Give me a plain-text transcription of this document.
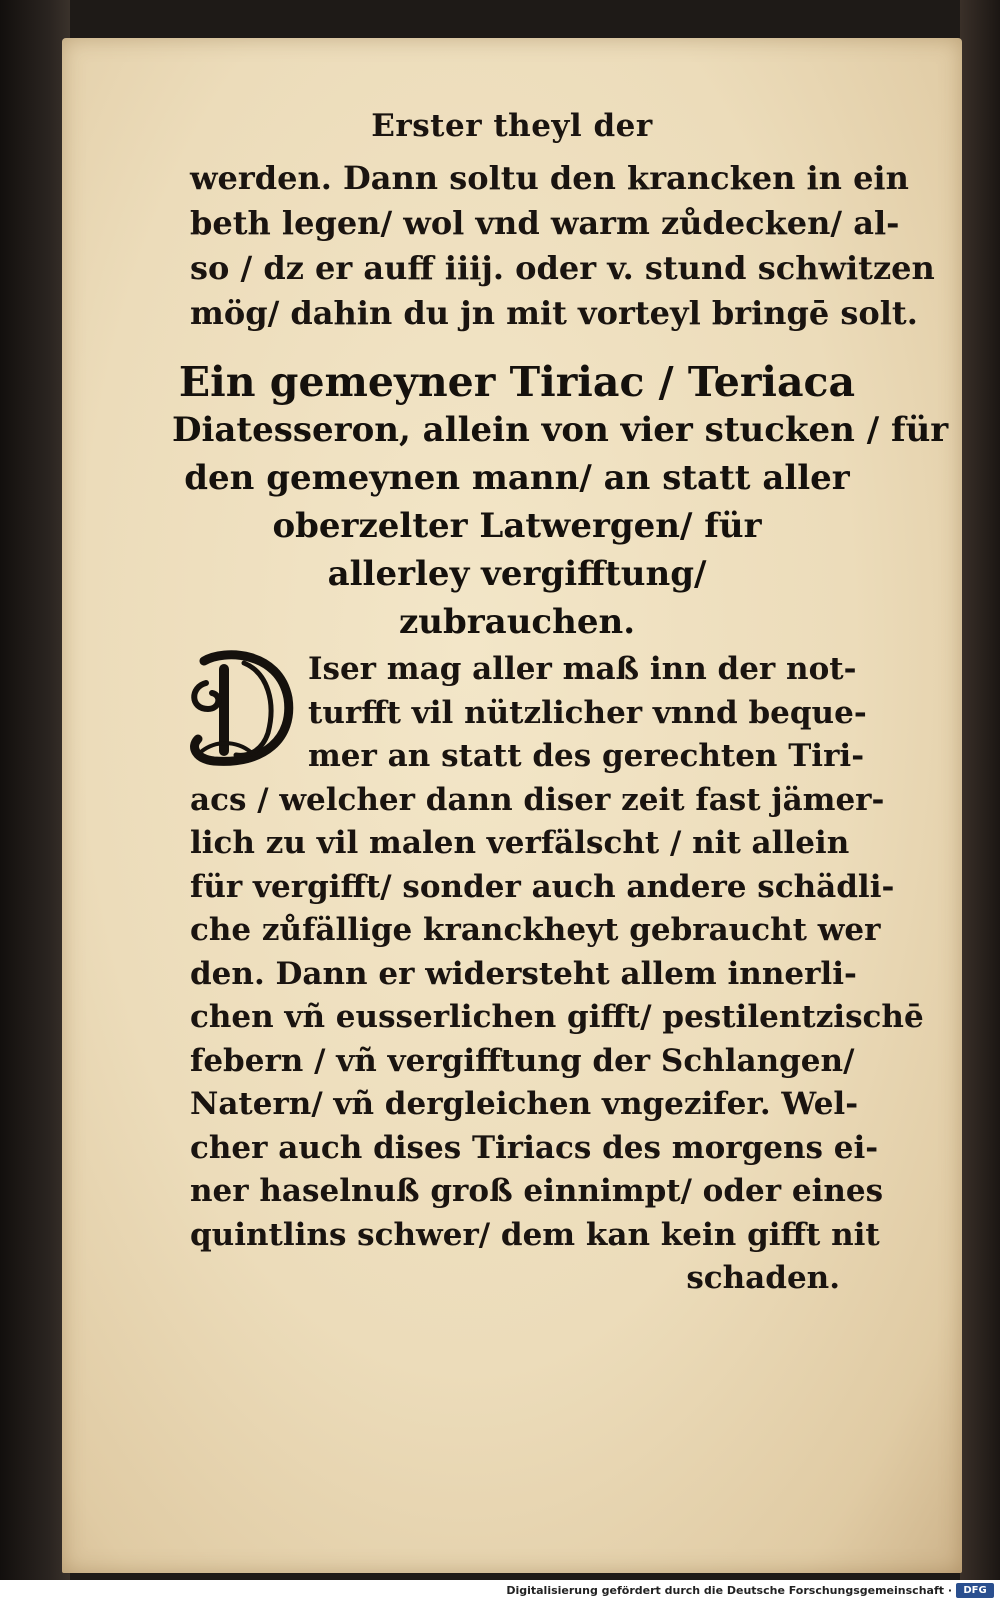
Erster theyl der
werden. Dann soltu den krancken in ein
beth legen/ wol vnd warm zůdecken/ al-
so / dz er auff iiij. oder v. stund schwitzen
mög/ dahin du jn mit vorteyl bringē solt.
Ein gemeyner Tiriac / Teriaca
Diatesseron, allein von vier stucken / für
den gemeynen mann/ an statt aller
oberzelter Latwergen/ für
allerley vergifftung/
zubrauchen.
Iser mag aller maß inn der not-
turfft vil nützlicher vnnd beque-
mer an statt des gerechten Tiri-
acs / welcher dann diser zeit fast jämer-
lich zu vil malen verfälscht / nit allein
für vergifft/ sonder auch andere schädli-
che zůfällige kranckheyt gebraucht wer
den. Dann er widersteht allem innerli-
chen vñ eusserlichen gifft/ pestilentzischē
febern / vñ vergifftung der Schlangen/
Natern/ vñ dergleichen vngezifer. Wel-
cher auch dises Tiriacs des morgens ei-
ner haselnuß groß einnimpt/ oder eines
quintlins schwer/ dem kan kein gifft nit
schaden.
Digitalisierung gefördert durch die Deutsche Forschungsgemeinschaft ·	DFG
